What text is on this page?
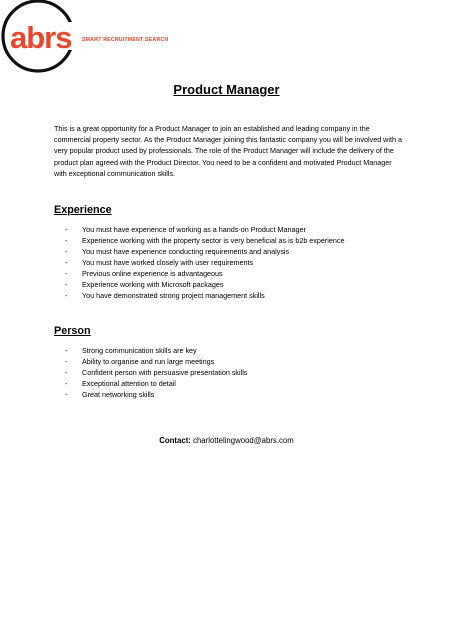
abrs SMART RECRUITMENT SEARCH
Product Manager
This is a great opportunity for a Product Manager to join an established and leading company in the commercial property sector. As the Product Manager joining this fantastic company you will be involved with a very popular product used by professionals. The role of the Product Manager will include the delivery of the product plan agreed with the Product Director. You need to be a confident and motivated Product Manager with exceptional communication skills.
Experience
- You must have experience of working as a hands-on Product Manager
- Experience working with the property sector is very beneficial as is b2b experience
- You must have experience conducting requirements and analysis
- You must have worked closely with user requirements
- Previous online experience is advantageous
- Experience working with Microsoft packages
- You have demonstrated strong project management skills
Person
- Strong communication skills are key
- Ability to organise and run large meetings
- Confident person with persuasive presentation skills
- Exceptional attention to detail
- Great networking skills
Contact: charlottelingwood@abrs.com
